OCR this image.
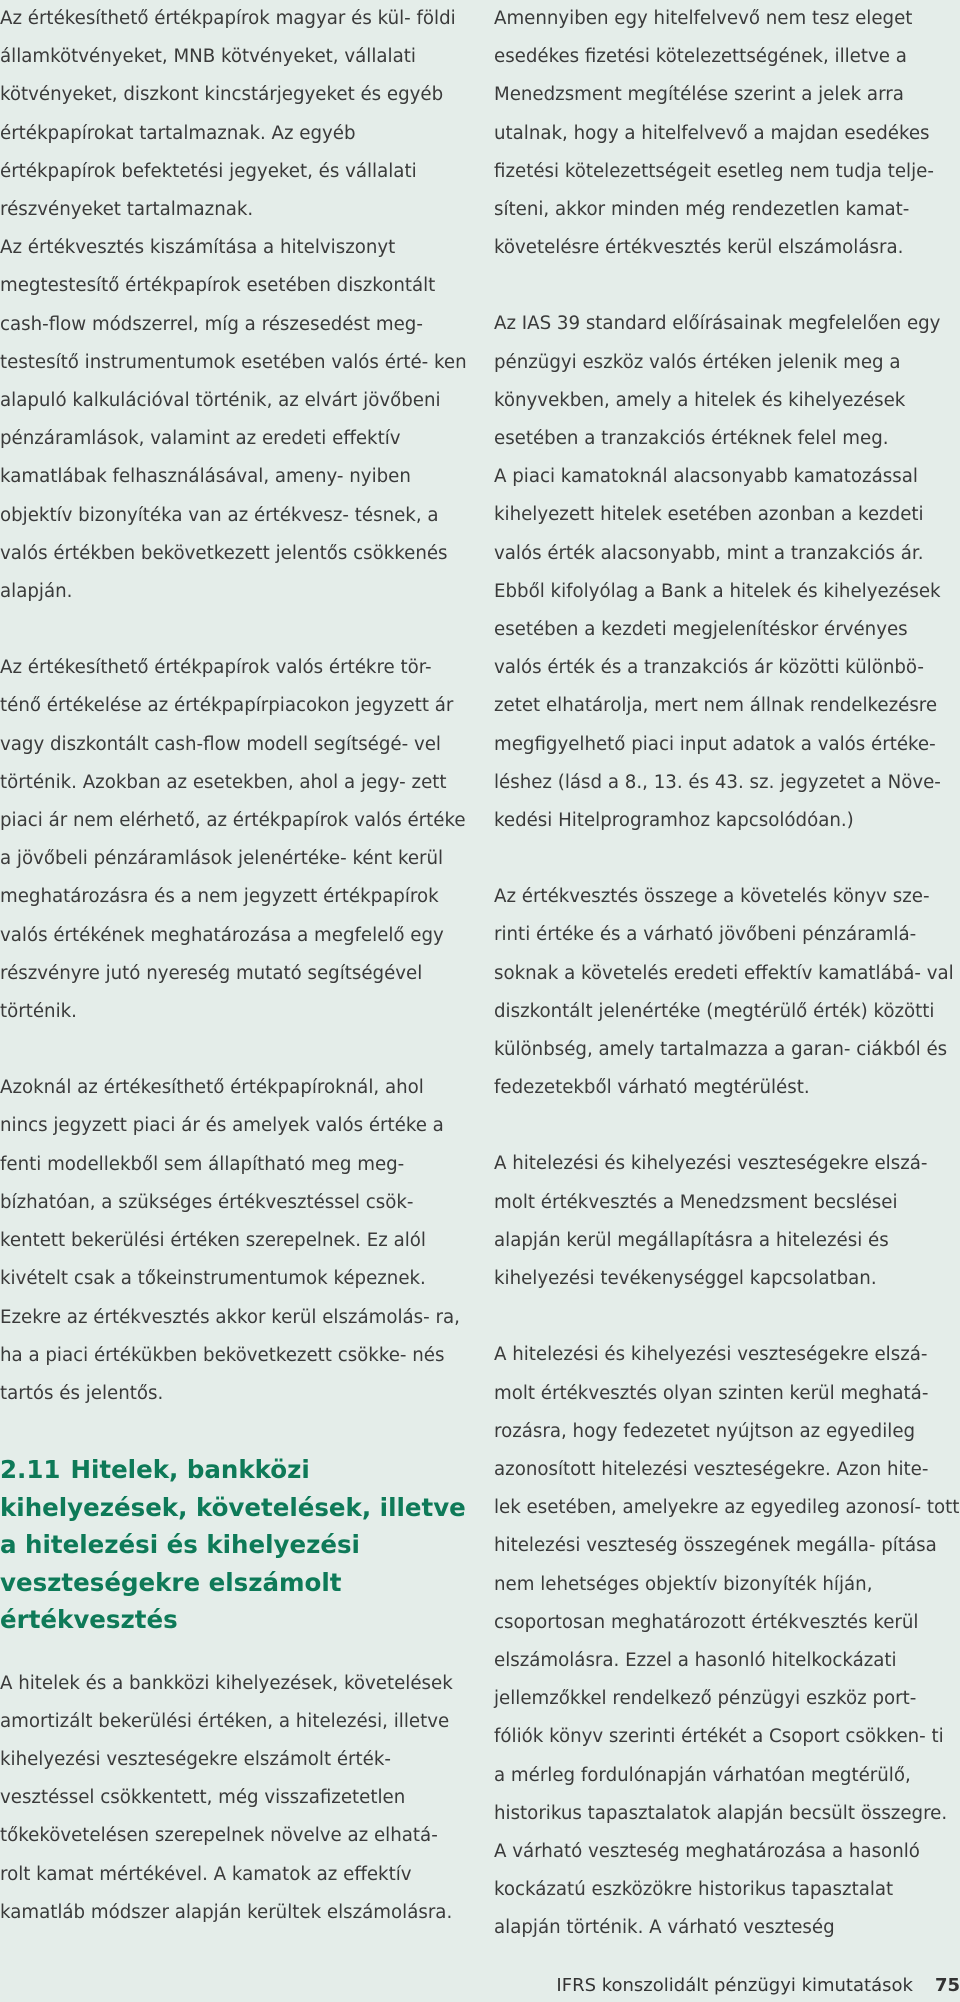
Az értékesíthető értékpapírok magyar és kül- földi államkötvényeket, MNB kötvényeket, vállalati kötvényeket, diszkont kincstárjegyeket és egyéb értékpapírokat tartalmaznak. Az egyéb értékpapírok befektetési jegyeket, és vállalati részvényeket tartalmaznak.

Az értékvesztés kiszámítása a hitelviszonyt megtestesítő értékpapírok esetében diszkontált cash-flow módszerrel, míg a részesedést meg- testesítő instrumentumok esetében valós érté- ken alapuló kalkulációval történik, az elvárt jövőbeni pénzáramlások, valamint az eredeti effektív kamatlábak felhasználásával, ameny- nyiben objektív bizonyítéka van az értékvesz- tésnek, a valós értékben bekövetkezett jelentős csökkenés alapján.

Az értékesíthető értékpapírok valós értékre tör- ténő értékelése az értékpapírpiacokon jegyzett ár vagy diszkontált cash-flow modell segítségé- vel történik. Azokban az esetekben, ahol a jegy- zett piaci ár nem elérhető, az értékpapírok valós értéke a jövőbeli pénzáramlások jelenértéke- ként kerül meghatározásra és a nem jegyzett értékpapírok valós értékének meghatározása a megfelelő egy részvényre jutó nyereség mutató segítségével történik.

Azoknál az értékesíthető értékpapíroknál, ahol nincs jegyzett piaci ár és amelyek valós értéke a fenti modellekből sem állapítható meg meg- bízhatóan, a szükséges értékvesztéssel csök- kentett bekerülési értéken szerepelnek. Ez alól kivételt csak a tőkeinstrumentumok képeznek. Ezekre az értékvesztés akkor kerül elszámolás- ra, ha a piaci értékükben bekövetkezett csökke- nés tartós és jelentős.

2.11 Hitelek, bankközi kihelyezések, követelések, illetve a hitelezési és kihelyezési veszteségekre elszámolt értékvesztés

A hitelek és a bankközi kihelyezések, követelések amortizált bekerülési értéken, a hitelezési, illetve kihelyezési veszteségekre elszámolt érték- vesztéssel csökkentett, még visszafizetetlen tőkekövetelésen szerepelnek növelve az elhatá- rolt kamat mértékével. A kamatok az effektív kamatláb módszer alapján kerültek elszámolásra.

Amennyiben egy hitelfelvevő nem tesz eleget esedékes fizetési kötelezettségének, illetve a Menedzsment megítélése szerint a jelek arra utalnak, hogy a hitelfelvevő a majdan esedékes fizetési kötelezettségeit esetleg nem tudja telje- síteni, akkor minden még rendezetlen kamat- követelésre értékvesztés kerül elszámolásra.

Az IAS 39 standard előírásainak megfelelően egy pénzügyi eszköz valós értéken jelenik meg a könyvekben, amely a hitelek és kihelyezések esetében a tranzakciós értéknek felel meg.

A piaci kamatoknál alacsonyabb kamatozással kihelyezett hitelek esetében azonban a kezdeti valós érték alacsonyabb, mint a tranzakciós ár. Ebből kifolyólag a Bank a hitelek és kihelyezések esetében a kezdeti megjelenítéskor érvényes valós érték és a tranzakciós ár közötti különbö- zetet elhatárolja, mert nem állnak rendelkezésre megfigyelhető piaci input adatok a valós értéke- léshez (lásd a 8., 13. és 43. sz. jegyzetet a Növe- kedési Hitelprogramhoz kapcsolódóan.)

Az értékvesztés összege a követelés könyv sze- rinti értéke és a várható jövőbeni pénzáramlá- soknak a követelés eredeti effektív kamatlábá- val diszkontált jelenértéke (megtérülő érték) közötti különbség, amely tartalmazza a garan- ciákból és fedezetekből várható megtérülést.

A hitelezési és kihelyezési veszteségekre elszá- molt értékvesztés a Menedzsment becslései alapján kerül megállapításra a hitelezési és kihelyezési tevékenységgel kapcsolatban.

A hitelezési és kihelyezési veszteségekre elszá- molt értékvesztés olyan szinten kerül meghatá- rozásra, hogy fedezetet nyújtson az egyedileg azonosított hitelezési veszteségekre. Azon hite- lek esetében, amelyekre az egyedileg azonosí- tott hitelezési veszteség összegének megálla- pítása nem lehetséges objektív bizonyíték híján, csoportosan meghatározott értékvesztés kerül elszámolásra. Ezzel a hasonló hitelkockázati jellemzőkkel rendelkező pénzügyi eszköz port- fóliók könyv szerinti értékét a Csoport csökken- ti a mérleg fordulónapján várhatóan megtérülő, historikus tapasztalatok alapján becsült összegre. A várható veszteség meghatározása a hasonló kockázatú eszközökre historikus tapasztalat alapján történik. A várható veszteség

IFRS konszolidált pénzügyi kimutatások 75
